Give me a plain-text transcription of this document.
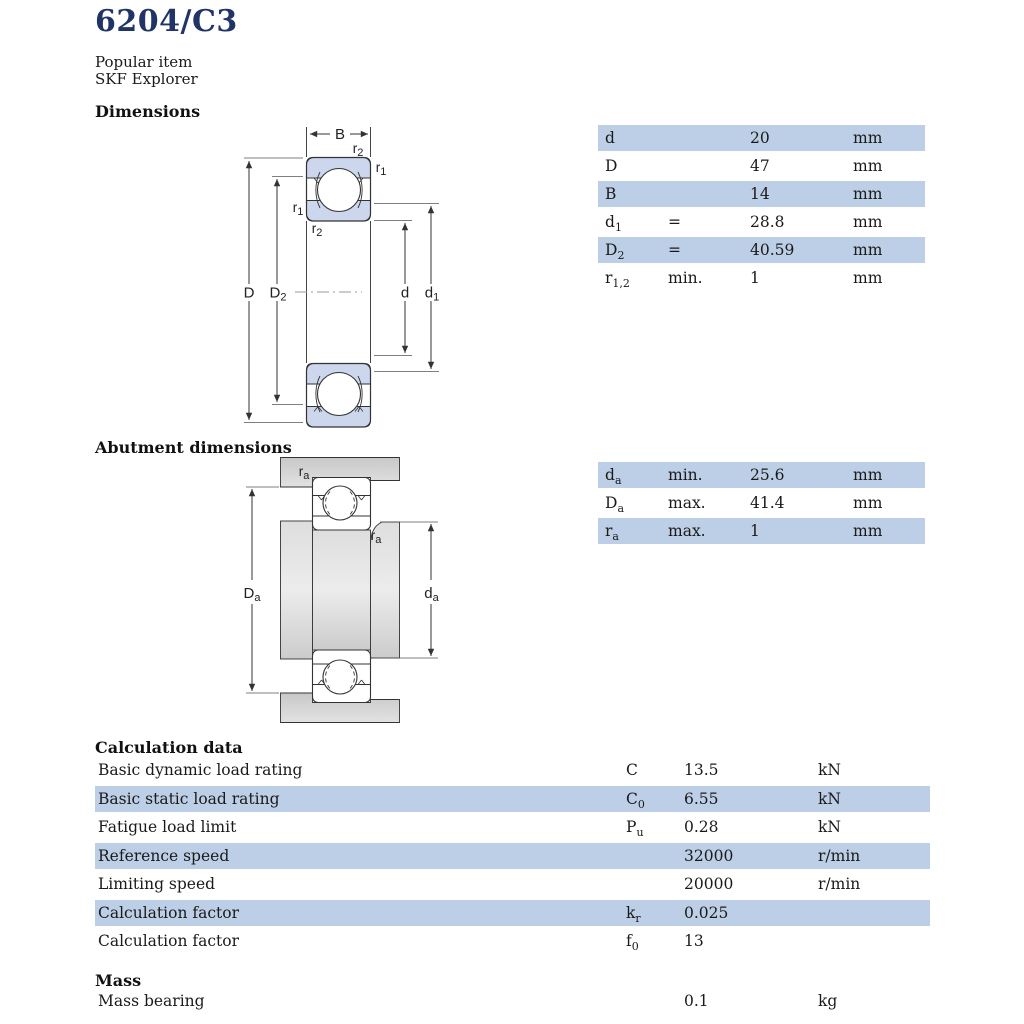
6204/C3
Popular item
SKF Explorer
Dimensions
B
D $D_2$	d $d_1$
$r_2$
$r_1$
$r_1$
$r_2$
d	20	mm
D	47	mm
B	14	mm
$d_1$	=	28.8	mm
$D_2$	=	40.59	mm
$r_{1,2}$	min.	1	mm
Abutment dimensions
$D_a$	$d_a$
$r_a$
$r_a$
$d_a$	min.	25.6	mm
$D_a$	max.	41.4	mm
$r_a$	max.	1	mm
Calculation data
Basic dynamic load rating	C	13.5	kN
Basic static load rating	$C_0$	6.55	kN
Fatigue load limit	$P_u$	0.28	kN
Reference speed	32000	r/min
Limiting speed	20000	r/min
Calculation factor	$k_r$	0.025
Calculation factor	$f_0$	13
Mass
Mass bearing	0.1	kg
